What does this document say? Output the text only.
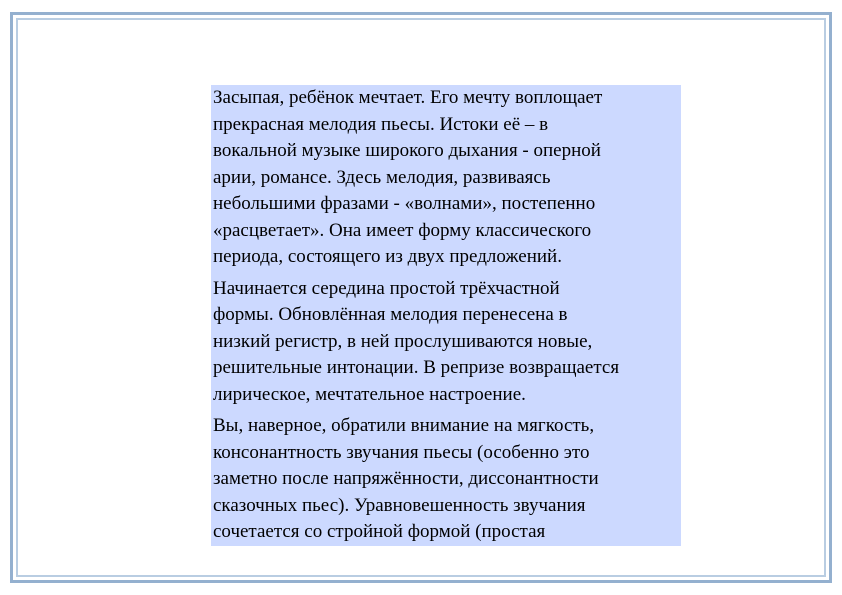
Засыпая, ребёнок мечтает. Его мечту воплощает
прекрасная мелодия пьесы. Истоки её – в
вокальной музыке широкого дыхания - оперной
арии, романсе. Здесь мелодия, развиваясь
небольшими фразами - «волнами», постепенно
«расцветает». Она имеет форму классического
периода, состоящего из двух предложений.

Начинается середина простой трёхчастной
формы. Обновлённая мелодия перенесена в
низкий регистр, в ней прослушиваются новые,
решительные интонации. В репризе возвращается
лирическое, мечтательное настроение.

Вы, наверное, обратили внимание на мягкость,
консонантность звучания пьесы (особенно это
заметно после напряжённости, диссонантности
сказочных пьес). Уравновешенность звучания
сочетается со стройной формой (простая
